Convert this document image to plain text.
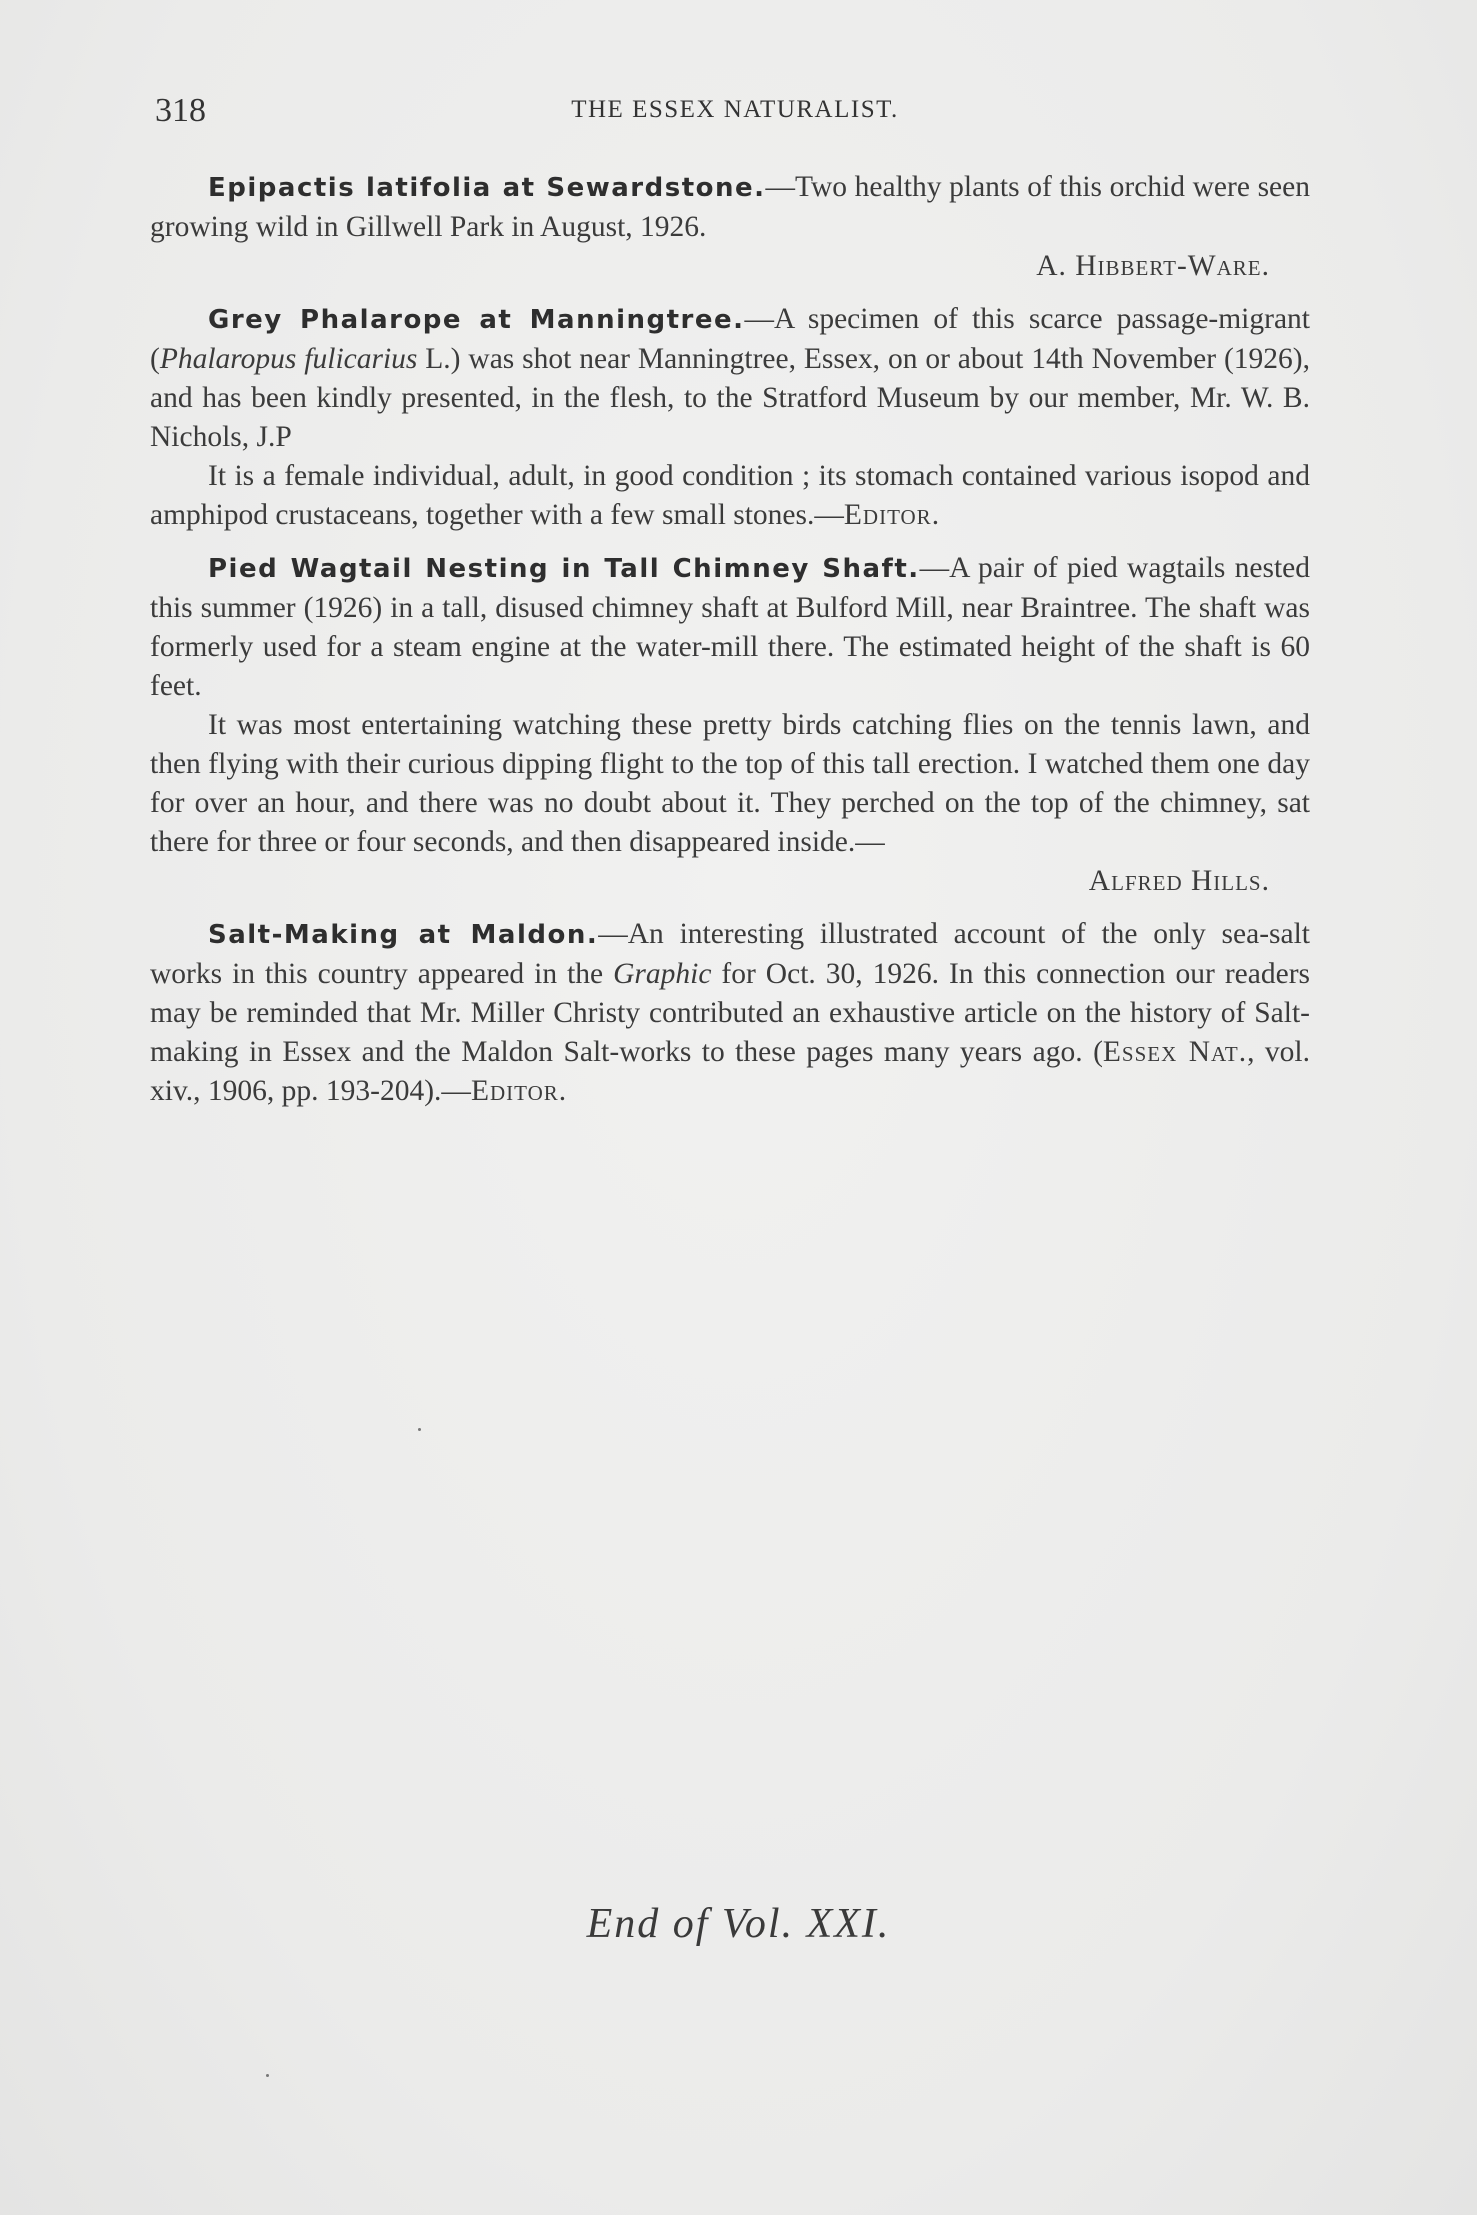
318	THE ESSEX NATURALIST.

Epipactis latifolia at Sewardstone.—Two healthy plants of this orchid were seen growing wild in Gillwell Park in August, 1926.

A. Hibbert-Ware.

Grey Phalarope at Manningtree.—A specimen of this scarce passage-migrant (Phalaropus fulicarius L.) was shot near Manningtree, Essex, on or about 14th November (1926), and has been kindly presented, in the flesh, to the Stratford Museum by our member, Mr. W. B. Nichols, J.P

It is a female individual, adult, in good condition ; its stomach contained various isopod and amphipod crustaceans, together with a few small stones.—Editor.

Pied Wagtail Nesting in Tall Chimney Shaft.—A pair of pied wagtails nested this summer (1926) in a tall, disused chimney shaft at Bulford Mill, near Braintree. The shaft was formerly used for a steam engine at the water-mill there. The estimated height of the shaft is 60 feet.

It was most entertaining watching these pretty birds catching flies on the tennis lawn, and then flying with their curious dipping flight to the top of this tall erection. I watched them one day for over an hour, and there was no doubt about it. They perched on the top of the chimney, sat there for three or four seconds, and then disappeared inside.—

Alfred Hills.

Salt-Making at Maldon.—An interesting illustrated account of the only sea-salt works in this country appeared in the Graphic for Oct. 30, 1926. In this connection our readers may be reminded that Mr. Miller Christy contributed an exhaustive article on the history of Salt-making in Essex and the Maldon Salt-works to these pages many years ago. (Essex Nat., vol. xiv., 1906, pp. 193-204).—Editor.

End of Vol. XXI.
